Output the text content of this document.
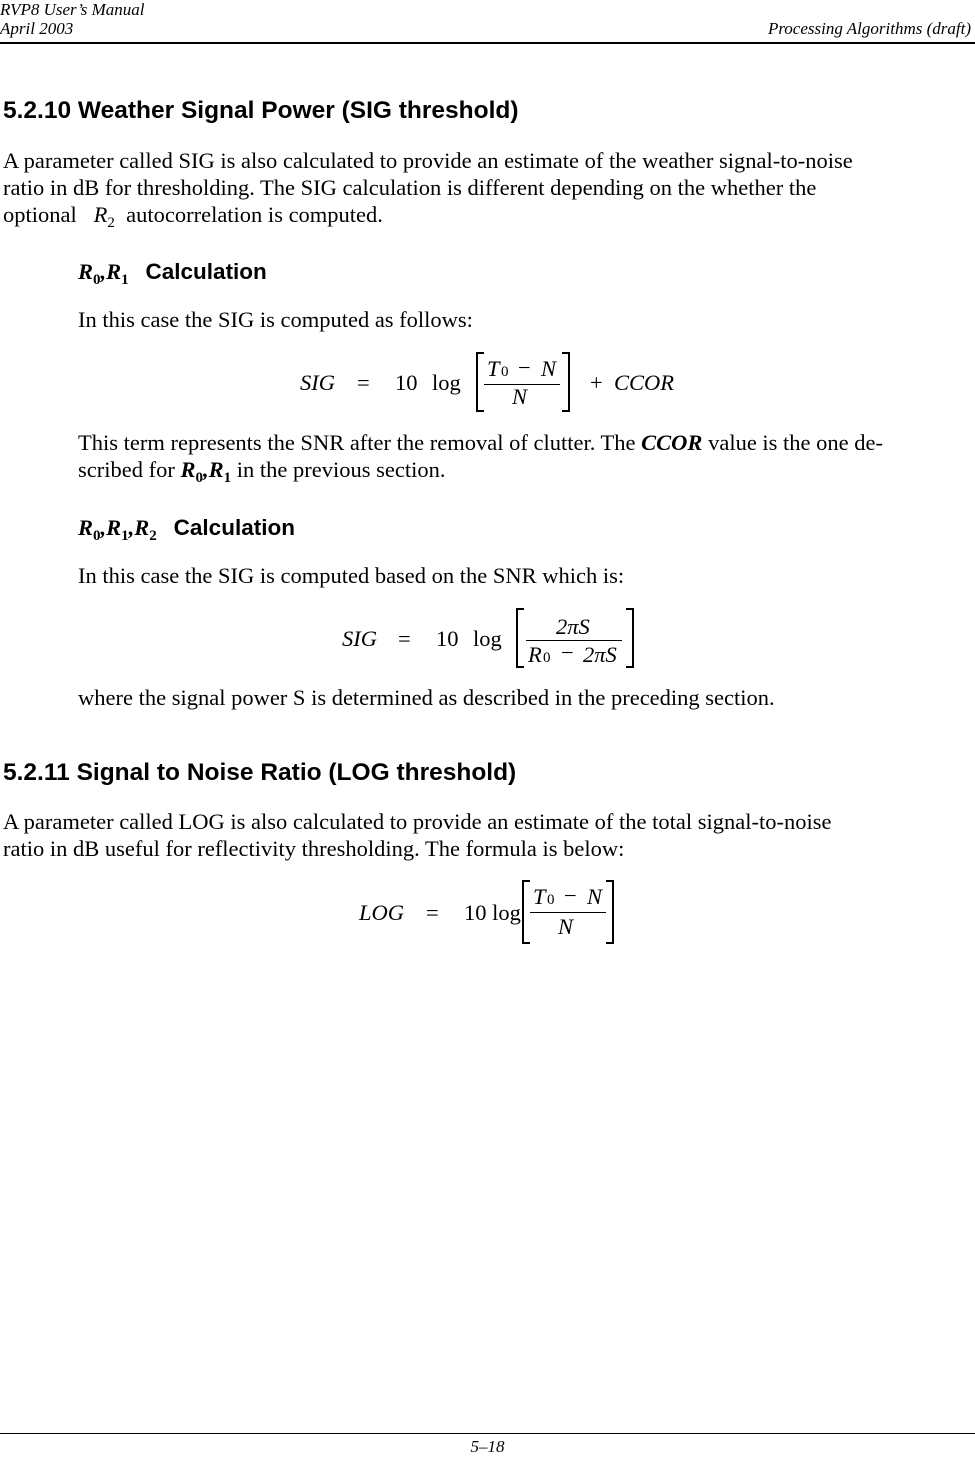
RVP8 User’s Manual
April 2003	Processing Algorithms (draft)
5.2.10 Weather Signal Power (SIG threshold)

A parameter called SIG is also calculated to provide an estimate of the weather signal-to-noise

ratio in dB for thresholding. The SIG calculation is different depending on the whether the

optional $R_2$ autocorrelation is computed.

$R_0,R_1$ Calculation

In this case the SIG is computed as follows:

SIG = 10 log
T 0 − N
N
+ CCOR

This term represents the SNR after the removal of clutter. The CCOR value is the one de-

scribed for $R_0,R_1$ in the previous section.

$R_0,R_1,R_2$ Calculation

In this case the SIG is computed based on the SNR which is:

SIG = 10 log 2πS
R 0 − 2πS

where the signal power S is determined as described in the preceding section.

5.2.11 Signal to Noise Ratio (LOG threshold)

A parameter called LOG is also calculated to provide an estimate of the total signal-to-noise

ratio in dB useful for reflectivity thresholding. The formula is below:

LOG = 10 log
T 0 − N
N
5–18
